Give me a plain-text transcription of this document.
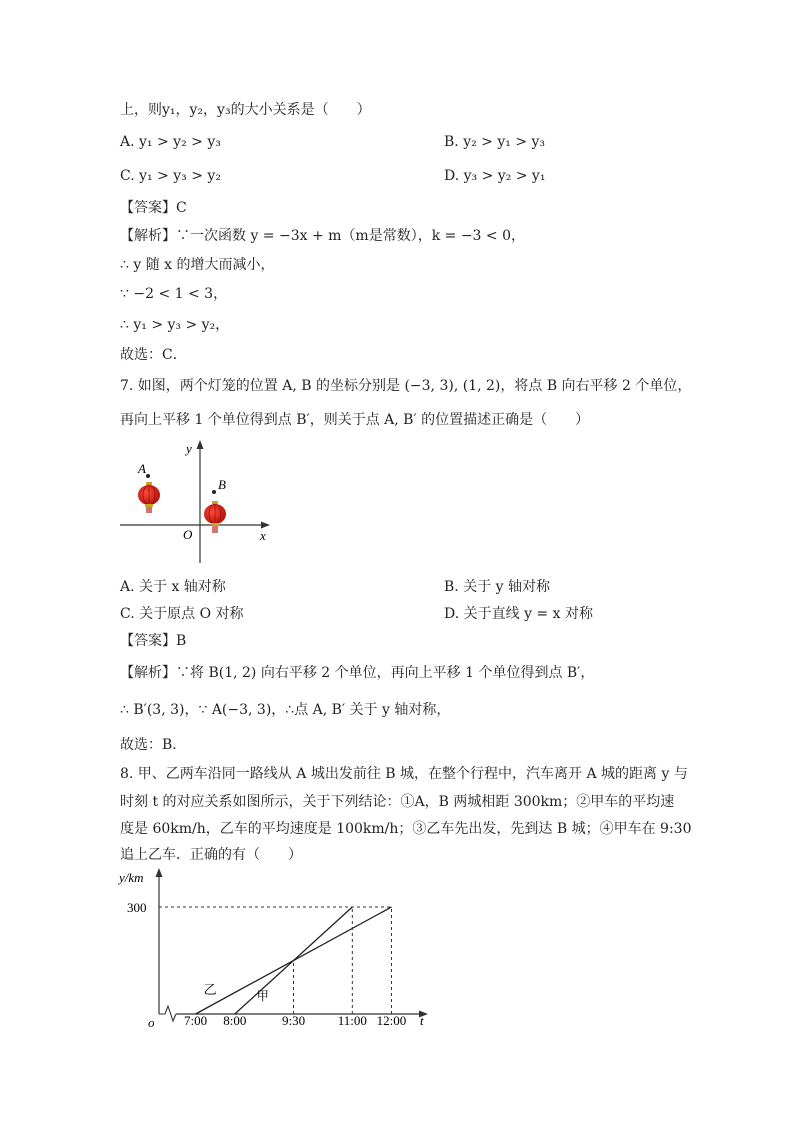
上，则y₁，y₂，y₃的大小关系是（　　）
A. y₁ > y₂ > y₃	B. y₂ > y₁ > y₃
C. y₁ > y₃ > y₂	D. y₃ > y₂ > y₁
【答案】C
【解析】∵一次函数 y = −3x + m（m是常数），k = −3 < 0，
∴ y 随 x 的增大而减小，
∵ −2 < 1 < 3，
∴ y₁ > y₃ > y₂，
故选：C．
7. 如图，两个灯笼的位置 A, B 的坐标分别是 (−3, 3), (1, 2)，将点 B 向右平移 2 个单位，
再向上平移 1 个单位得到点 B′，则关于点 A, B′ 的位置描述正确是（　　）
y
x
O
A
B
A. 关于 x 轴对称	B. 关于 y 轴对称
C. 关于原点 O 对称	D. 关于直线 y = x 对称
【答案】B
【解析】∵将 B(1, 2) 向右平移 2 个单位，再向上平移 1 个单位得到点 B′，
∴ B′(3, 3)，∵ A(−3, 3)，∴点 A, B′ 关于 y 轴对称，
故选：B．
8. 甲、乙两车沿同一路线从 A 城出发前往 B 城，在整个行程中，汽车离开 A 城的距离 y 与
时刻 t 的对应关系如图所示，关于下列结论：①A，B 两城相距 300km；②甲车的平均速
度是 60km/h，乙车的平均速度是 100km/h；③乙车先出发，先到达 B 城；④甲车在 9:30
追上乙车．正确的有（　　）
y/km
t
o
300
乙	甲
7:00 8:00	9:30	11:00 12:00
